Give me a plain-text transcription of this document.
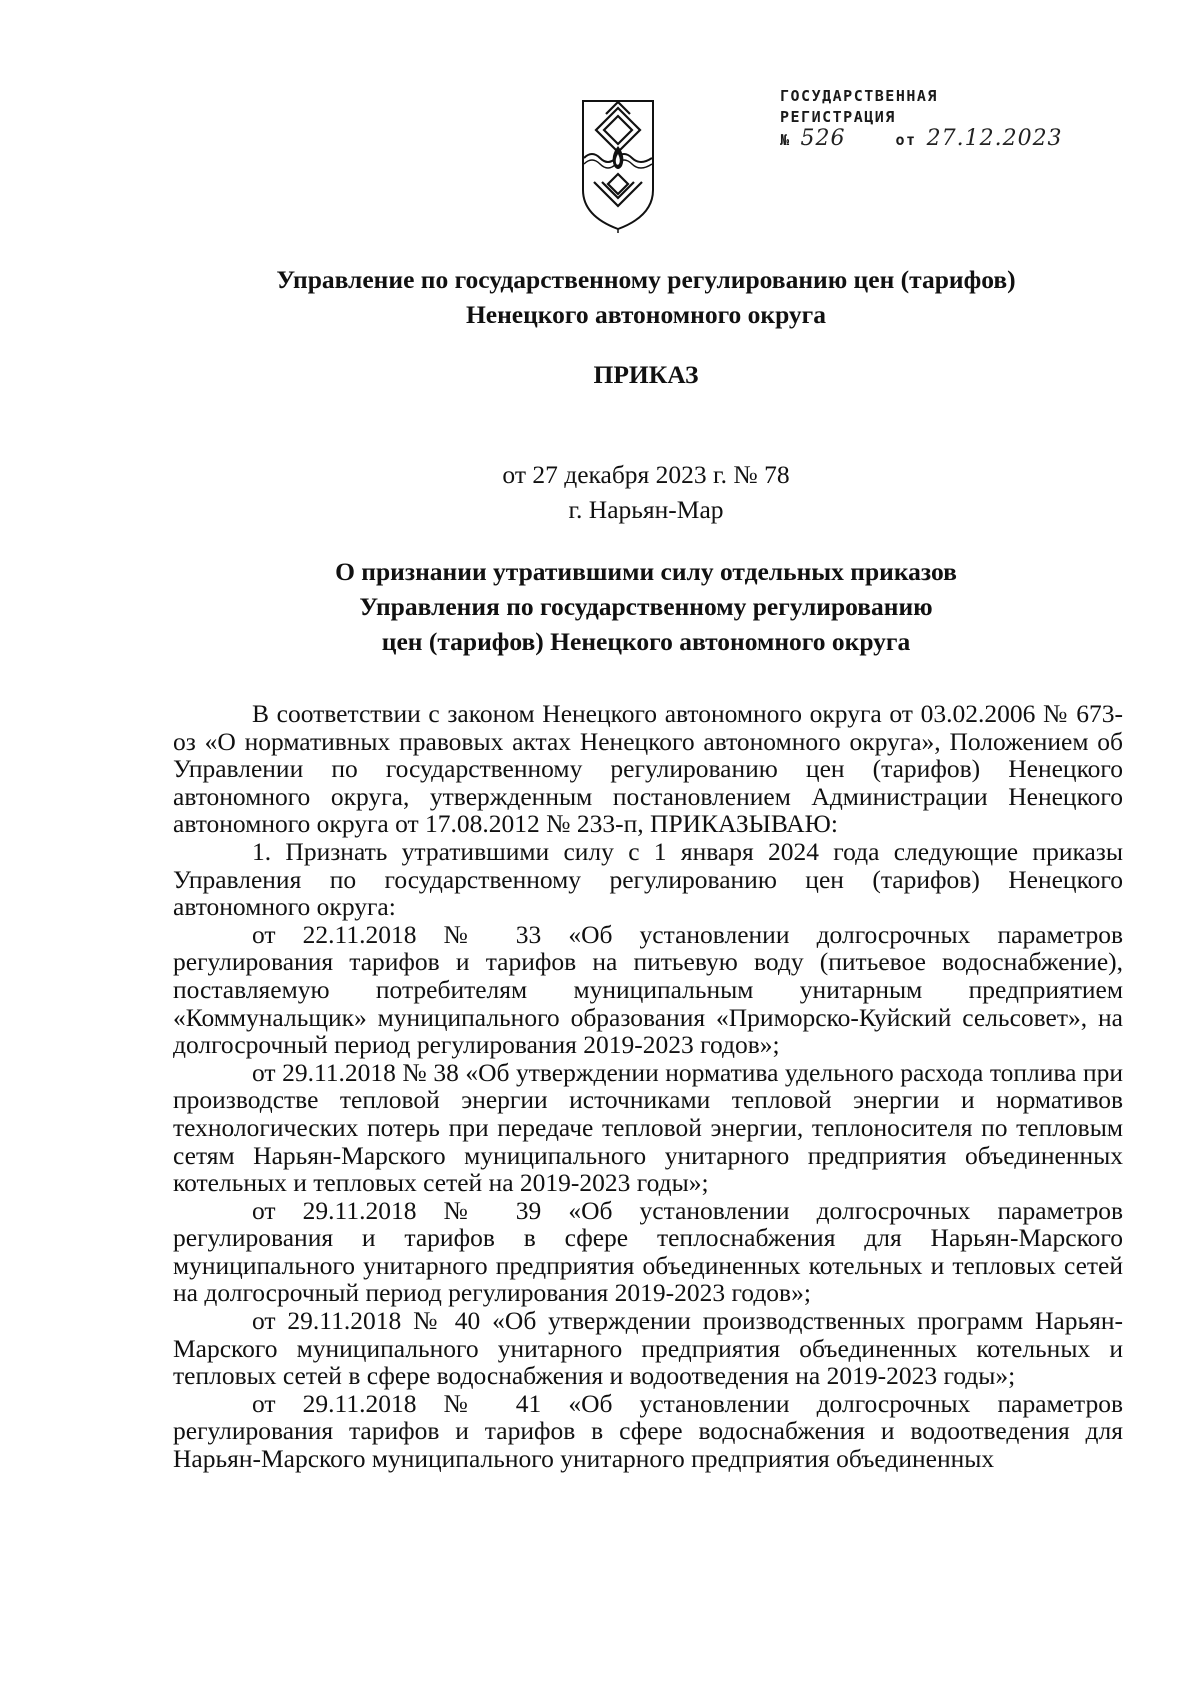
ГОСУДАРСТВЕННАЯ
РЕГИСТРАЦИЯ
№ 526	от 27.12.2023
Управление по государственному регулированию цен (тарифов)
Ненецкого автономного округа
ПРИКАЗ
от 27 декабря 2023 г. № 78
г. Нарьян-Мар
О признании утратившими силу отдельных приказов
Управления по государственному регулированию
цен (тарифов) Ненецкого автономного округа

В соответствии с законом Ненецкого автономного округа от 03.02.2006 № 673-оз «О нормативных правовых актах Ненецкого автономного округа», Положением об Управлении по государственному регулированию цен (тарифов) Ненецкого автономного округа, утвержденным постановлением Администрации Ненецкого автономного округа от 17.08.2012 № 233-п, ПРИКАЗЫВАЮ:

1. Признать утратившими силу с 1 января 2024 года следующие приказы Управления по государственному регулированию цен (тарифов) Ненецкого автономного округа:

от 22.11.2018 № 33 «Об установлении долгосрочных параметров регулирования тарифов и тарифов на питьевую воду (питьевое водоснабжение), поставляемую потребителям муниципальным унитарным предприятием «Коммунальщик» муниципального образования «Приморско-Куйский сельсовет», на долгосрочный период регулирования 2019-2023 годов»;

от 29.11.2018 № 38 «Об утверждении норматива удельного расхода топлива при производстве тепловой энергии источниками тепловой энергии и нормативов технологических потерь при передаче тепловой энергии, теплоносителя по тепловым сетям Нарьян-Марского муниципального унитарного предприятия объединенных котельных и тепловых сетей на 2019-2023 годы»;

от 29.11.2018 № 39 «Об установлении долгосрочных параметров регулирования и тарифов в сфере теплоснабжения для Нарьян-Марского муниципального унитарного предприятия объединенных котельных и тепловых сетей на долгосрочный период регулирования 2019-2023 годов»;

от 29.11.2018 № 40 «Об утверждении производственных программ Нарьян-Марского муниципального унитарного предприятия объединенных котельных и тепловых сетей в сфере водоснабжения и водоотведения на 2019-2023 годы»;

от 29.11.2018 № 41 «Об установлении долгосрочных параметров регулирования тарифов и тарифов в сфере водоснабжения и водоотведения для Нарьян-Марского муниципального унитарного предприятия объединенных
